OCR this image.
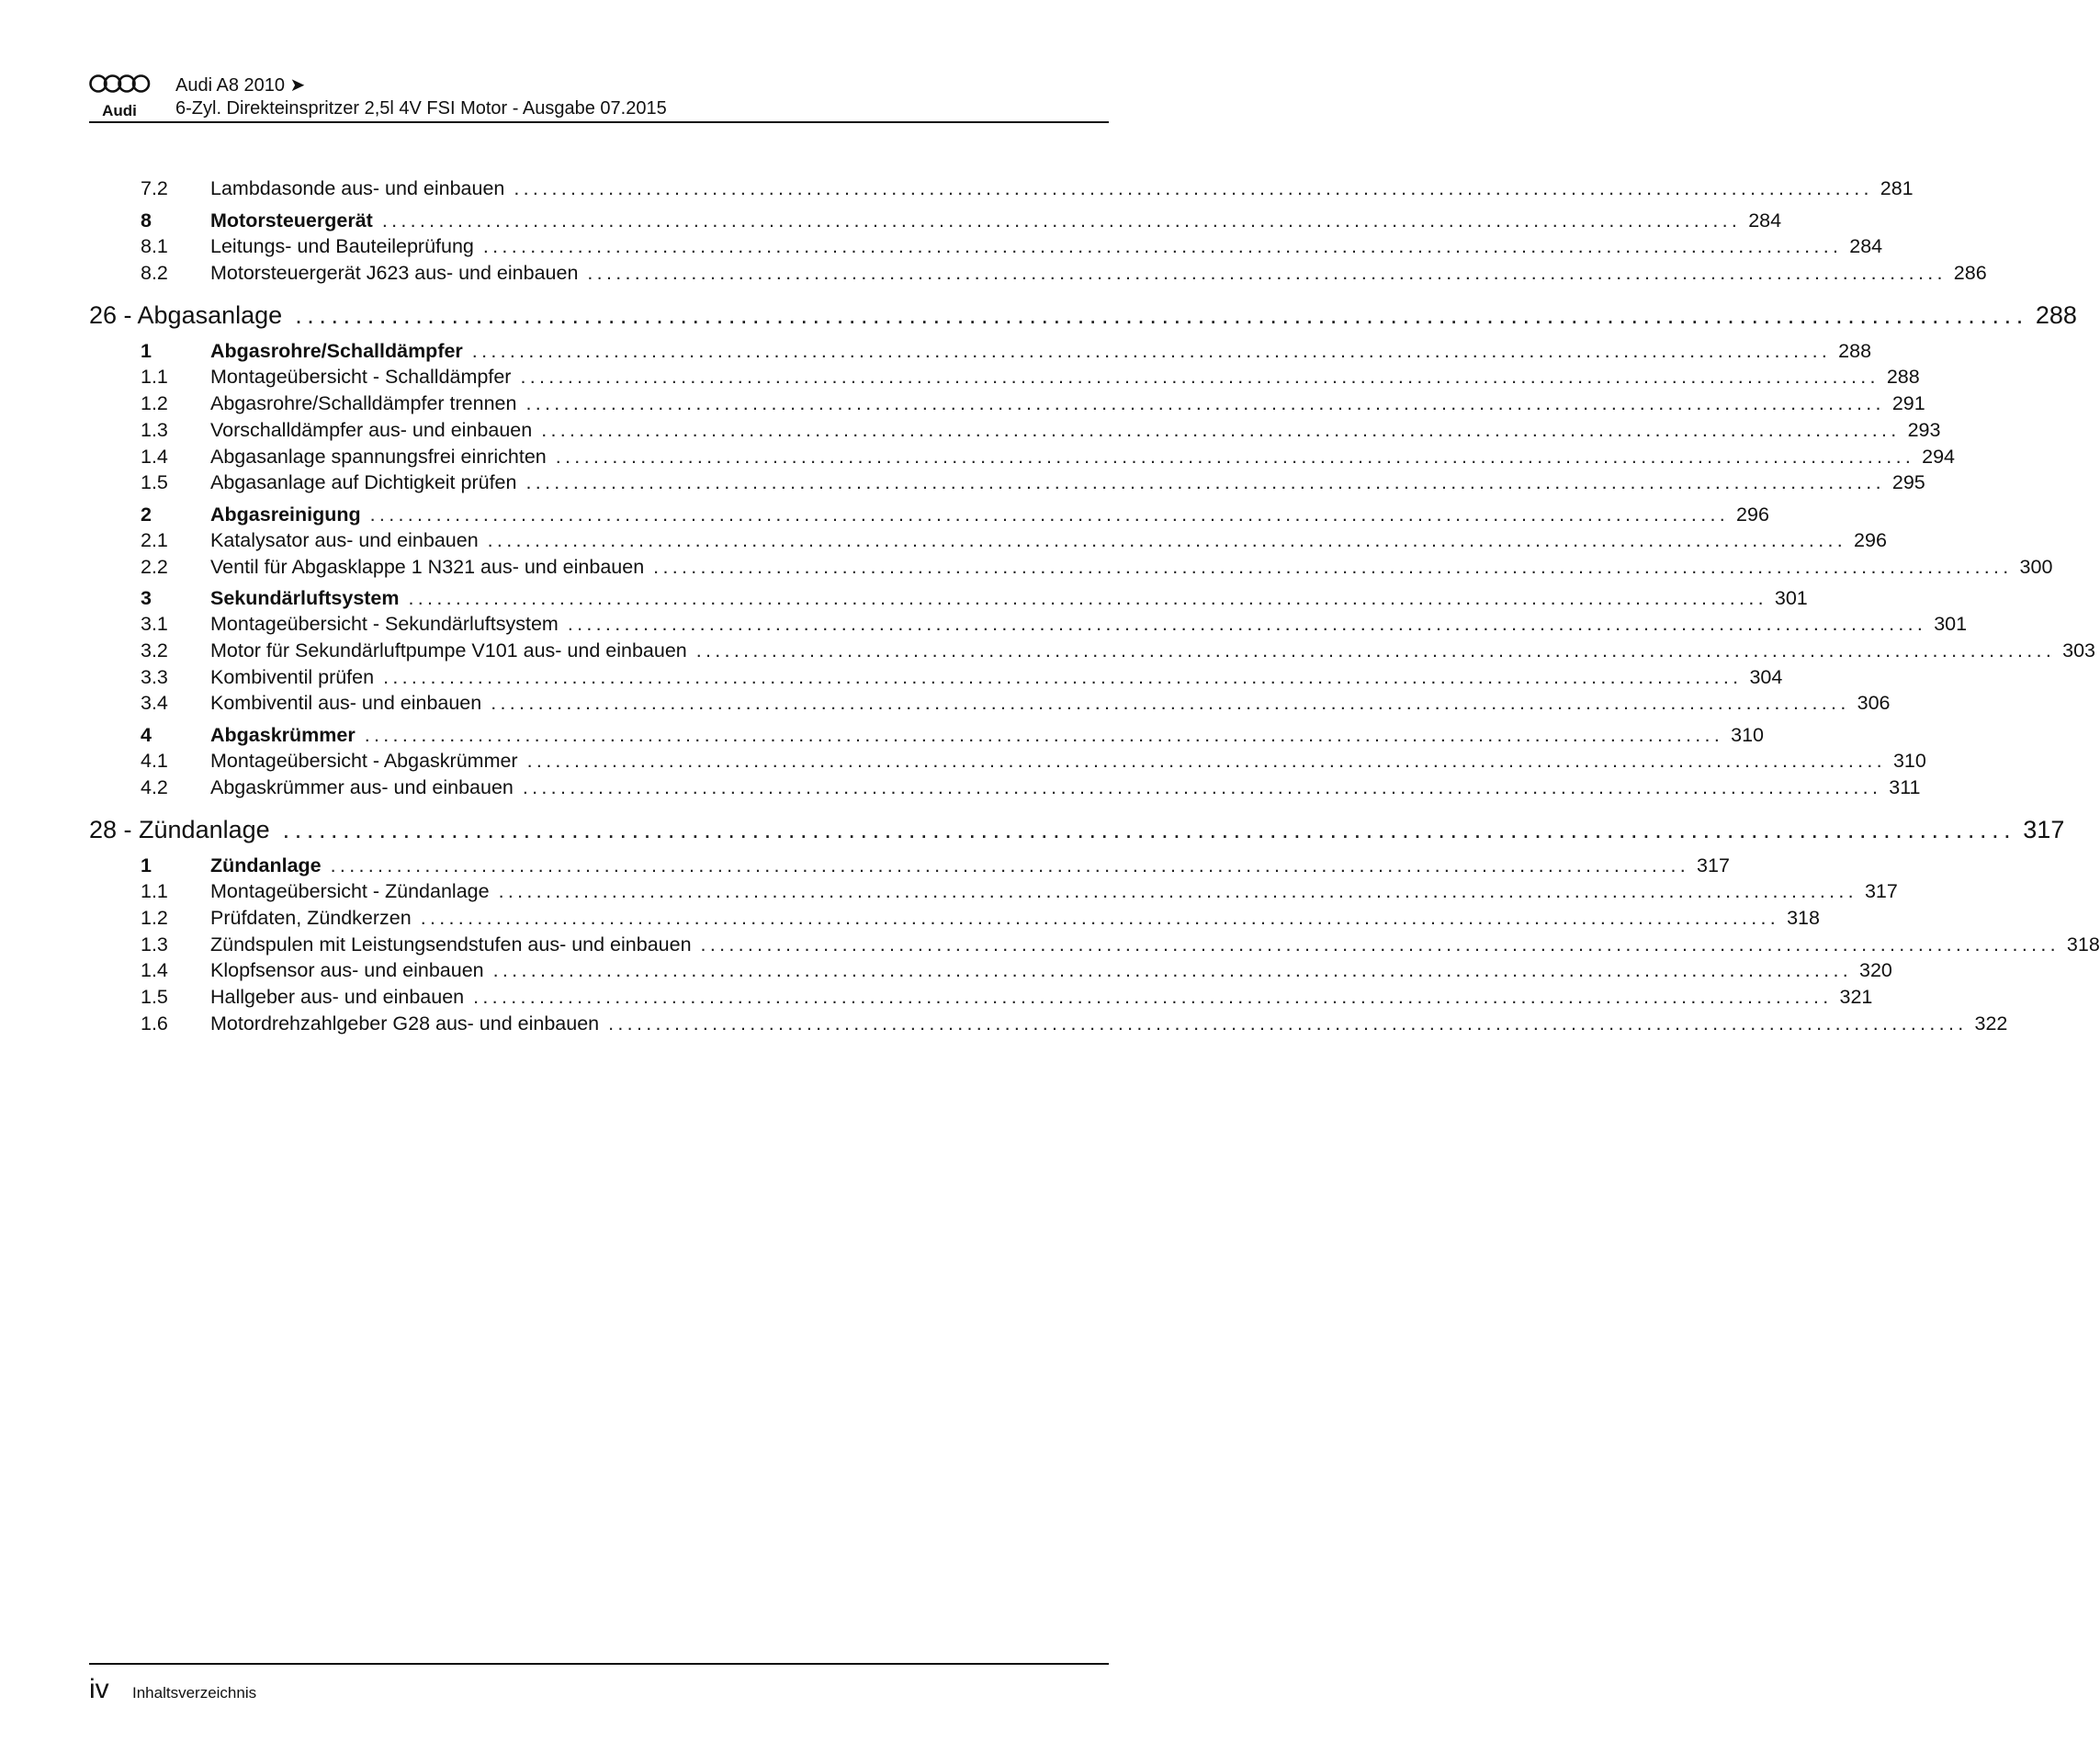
Audi
Audi A8 2010 ➤
6-Zyl. Direkteinspritzer 2,5l 4V FSI Motor - Ausgabe 07.2015
7.2	Lambdasonde aus- und einbauen ................................................................................................................................................ 281
8	Motorsteuergerät ................................................................................................................................................ 284
8.1	Leitungs- und Bauteileprüfung ................................................................................................................................................ 284
8.2	Motorsteuergerät J623 aus- und einbauen ................................................................................................................................................ 286
26 - Abgasanlage ................................................................................................................................................ 288
1	Abgasrohre/Schalldämpfer ................................................................................................................................................ 288
1.1	Montageübersicht - Schalldämpfer ................................................................................................................................................ 288
1.2	Abgasrohre/Schalldämpfer trennen ................................................................................................................................................ 291
1.3	Vorschalldämpfer aus- und einbauen ................................................................................................................................................ 293
1.4	Abgasanlage spannungsfrei einrichten ................................................................................................................................................ 294
1.5	Abgasanlage auf Dichtigkeit prüfen ................................................................................................................................................ 295
2	Abgasreinigung ................................................................................................................................................ 296
2.1	Katalysator aus- und einbauen ................................................................................................................................................ 296
2.2	Ventil für Abgasklappe 1 N321 aus- und einbauen ................................................................................................................................................ 300
3	Sekundärluftsystem ................................................................................................................................................ 301
3.1	Montageübersicht - Sekundärluftsystem ................................................................................................................................................ 301
3.2	Motor für Sekundärluftpumpe V101 aus- und einbauen ................................................................................................................................................ 303
3.3	Kombiventil prüfen ................................................................................................................................................ 304
3.4	Kombiventil aus- und einbauen ................................................................................................................................................ 306
4	Abgaskrümmer ................................................................................................................................................ 310
4.1	Montageübersicht - Abgaskrümmer ................................................................................................................................................ 310
4.2	Abgaskrümmer aus- und einbauen ................................................................................................................................................ 311
28 - Zündanlage ................................................................................................................................................ 317
1	Zündanlage ................................................................................................................................................ 317
1.1	Montageübersicht - Zündanlage ................................................................................................................................................ 317
1.2	Prüfdaten, Zündkerzen ................................................................................................................................................ 318
1.3	Zündspulen mit Leistungsendstufen aus- und einbauen ................................................................................................................................................ 318
1.4	Klopfsensor aus- und einbauen ................................................................................................................................................ 320
1.5	Hallgeber aus- und einbauen ................................................................................................................................................ 321
1.6	Motordrehzahlgeber G28 aus- und einbauen ................................................................................................................................................ 322
iv Inhaltsverzeichnis
